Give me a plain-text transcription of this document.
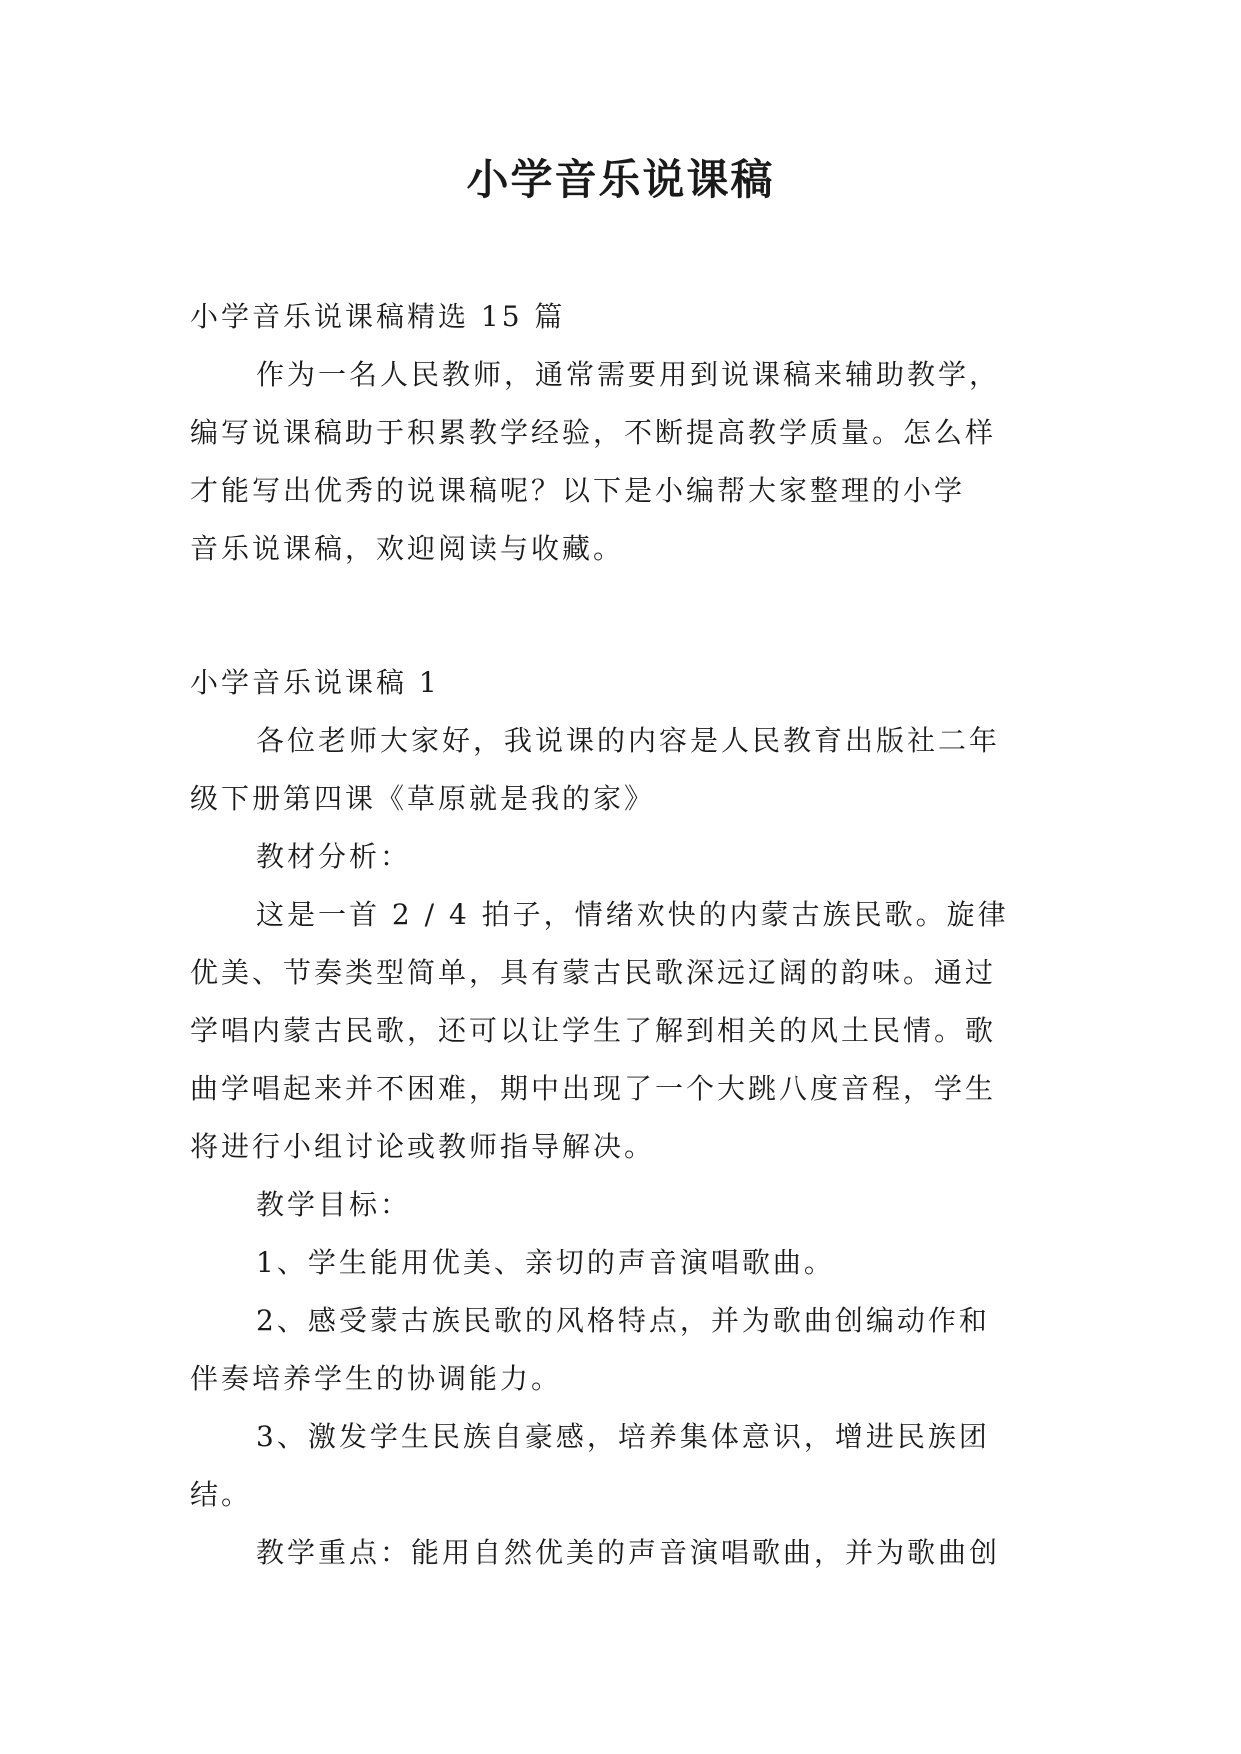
小学音乐说课稿
小学音乐说课稿精选 15 篇
作为一名人民教师，通常需要用到说课稿来辅助教学，
编写说课稿助于积累教学经验，不断提高教学质量。怎么样
才能写出优秀的说课稿呢？以下是小编帮大家整理的小学
音乐说课稿，欢迎阅读与收藏。
小学音乐说课稿 1
各位老师大家好，我说课的内容是人民教育出版社二年
级下册第四课《草原就是我的家》
教材分析：
这是一首 2 / 4 拍子，情绪欢快的内蒙古族民歌。旋律
优美、节奏类型简单，具有蒙古民歌深远辽阔的韵味。通过
学唱内蒙古民歌，还可以让学生了解到相关的风土民情。歌
曲学唱起来并不困难，期中出现了一个大跳八度音程，学生
将进行小组讨论或教师指导解决。
教学目标：
1、学生能用优美、亲切的声音演唱歌曲。
2、感受蒙古族民歌的风格特点，并为歌曲创编动作和
伴奏培养学生的协调能力。
3、激发学生民族自豪感，培养集体意识，增进民族团
结。
教学重点：能用自然优美的声音演唱歌曲，并为歌曲创
